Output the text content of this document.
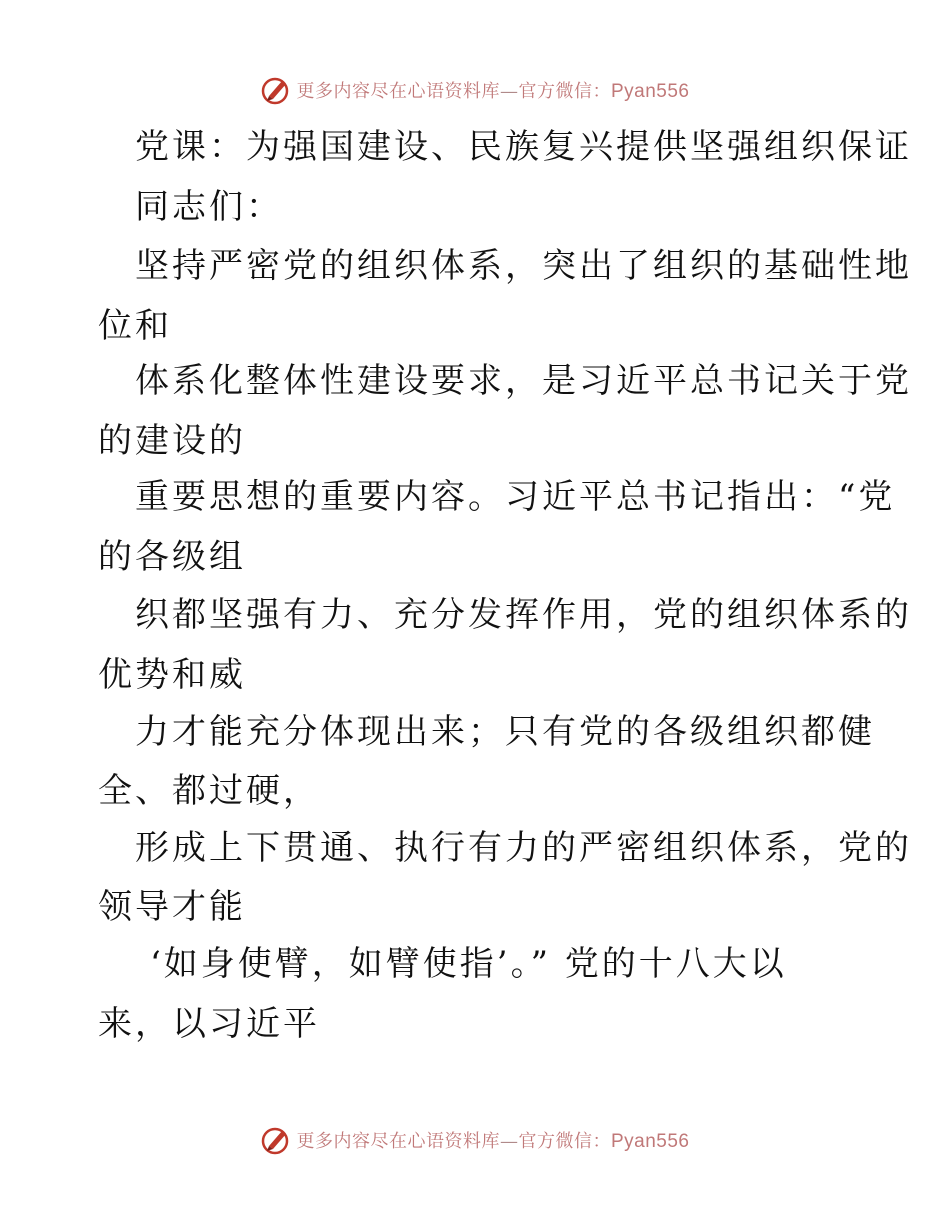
更多内容尽在心语资料库—官方微信：Pyan556
党课：为强国建设、民族复兴提供坚强组织保证
同志们：
坚持严密党的组织体系，突出了组织的基础性地
位和
体系化整体性建设要求，是习近平总书记关于党
的建设的
重要思想的重要内容。习近平总书记指出：“党
的各级组
织都坚强有力、充分发挥作用，党的组织体系的
优势和威
力才能充分体现出来；只有党的各级组织都健
全、都过硬，
形成上下贯通、执行有力的严密组织体系，党的
领导才能
‘如身使臂，如臂使指’。” 党的十八大以
来，以习近平
更多内容尽在心语资料库—官方微信：Pyan556
